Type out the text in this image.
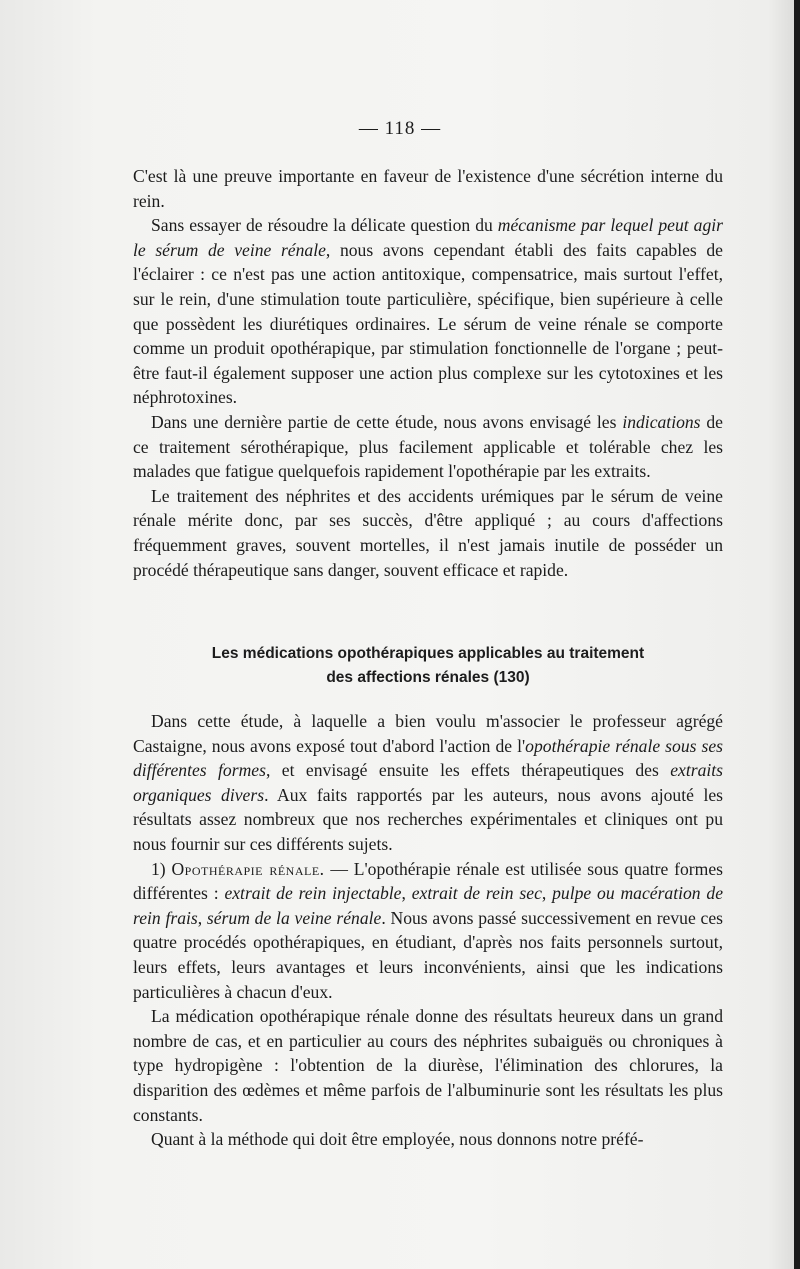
— 118 —

C'est là une preuve importante en faveur de l'existence d'une sécrétion interne du rein.

Sans essayer de résoudre la délicate question du mécanisme par lequel peut agir le sérum de veine rénale, nous avons cependant établi des faits capables de l'éclairer : ce n'est pas une action antitoxique, compensatrice, mais surtout l'effet, sur le rein, d'une stimulation toute particulière, spécifique, bien supérieure à celle que possèdent les diurétiques ordinaires. Le sérum de veine rénale se comporte comme un produit opothérapique, par stimulation fonctionnelle de l'organe ; peut-être faut-il également supposer une action plus complexe sur les cytotoxines et les néphrotoxines.

Dans une dernière partie de cette étude, nous avons envisagé les indications de ce traitement sérothérapique, plus facilement applicable et tolérable chez les malades que fatigue quelquefois rapidement l'opothérapie par les extraits.

Le traitement des néphrites et des accidents urémiques par le sérum de veine rénale mérite donc, par ses succès, d'être appliqué ; au cours d'affections fréquemment graves, souvent mortelles, il n'est jamais inutile de posséder un procédé thérapeutique sans danger, souvent efficace et rapide.

Les médications opothérapiques applicables au traitement
des affections rénales (130)

Dans cette étude, à laquelle a bien voulu m'associer le professeur agrégé Castaigne, nous avons exposé tout d'abord l'action de l'opothérapie rénale sous ses différentes formes, et envisagé ensuite les effets thérapeutiques des extraits organiques divers. Aux faits rapportés par les auteurs, nous avons ajouté les résultats assez nombreux que nos recherches expérimentales et cliniques ont pu nous fournir sur ces différents sujets.

1) Opothérapie rénale. — L'opothérapie rénale est utilisée sous quatre formes différentes : extrait de rein injectable, extrait de rein sec, pulpe ou macération de rein frais, sérum de la veine rénale. Nous avons passé successivement en revue ces quatre procédés opothérapiques, en étudiant, d'après nos faits personnels surtout, leurs effets, leurs avantages et leurs inconvénients, ainsi que les indications particulières à chacun d'eux.

La médication opothérapique rénale donne des résultats heureux dans un grand nombre de cas, et en particulier au cours des néphrites subaiguës ou chroniques à type hydropigène : l'obtention de la diurèse, l'élimination des chlorures, la disparition des œdèmes et même parfois de l'albuminurie sont les résultats les plus constants.

Quant à la méthode qui doit être employée, nous donnons notre préfé-
